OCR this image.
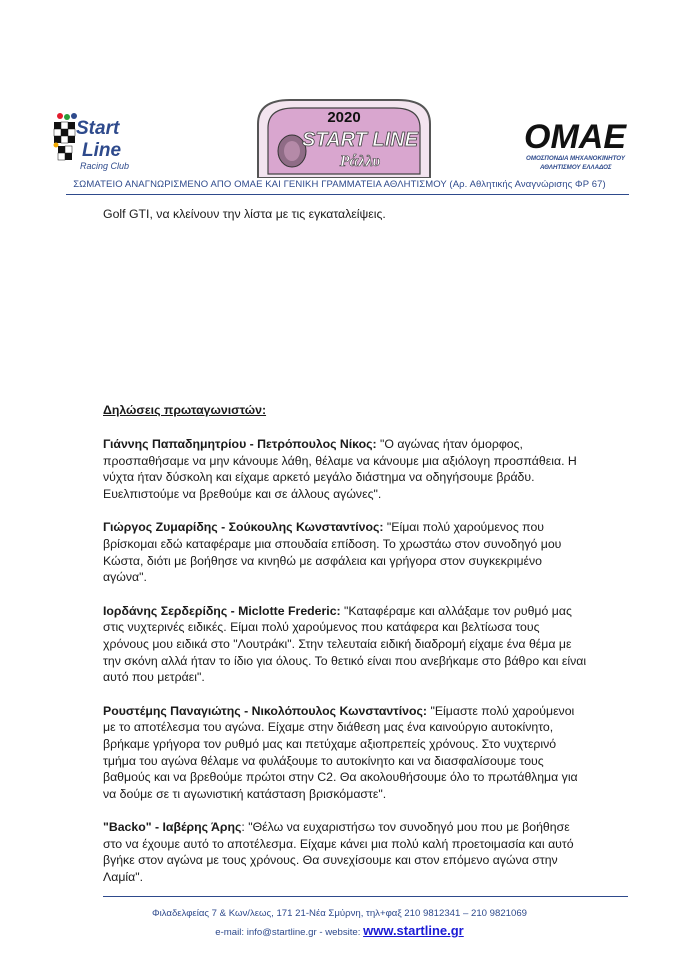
Start
Line
Racing Club
2020
START LINE
Ράλλυ
ΟΜΑΕ
ΟΜΟΣΠΟΝΔΙΑ ΜΗΧΑΝΟΚΙΝΗΤΟΥ
ΑΘΛΗΤΙΣΜΟΥ ΕΛΛΑΔΟΣ
ΣΩΜΑΤΕΙΟ ΑΝΑΓΝΩΡΙΣΜΕΝΟ ΑΠΟ ΟΜΑΕ ΚΑΙ ΓΕΝΙΚΗ ΓΡΑΜΜΑΤΕΙΑ ΑΘΛΗΤΙΣΜΟΥ (Αρ. Αθλητικής Αναγνώρισης ΦΡ 67)

Golf GTI, να κλείνουν την λίστα με τις εγκαταλείψεις.

Δηλώσεις πρωταγωνιστών:

Γιάννης Παπαδημητρίου - Πετρόπουλος Νίκος: "Ο αγώνας ήταν όμορφος, προσπαθήσαμε να μην κάνουμε λάθη, θέλαμε να κάνουμε μια αξιόλογη προσπάθεια. Η νύχτα ήταν δύσκολη και είχαμε αρκετό μεγάλο διάστημα να οδηγήσουμε βράδυ. Ευελπιστούμε να βρεθούμε και σε άλλους αγώνες".

Γιώργος Ζυμαρίδης - Σούκουλης Κωνσταντίνος: "Είμαι πολύ χαρούμενος που βρίσκομαι εδώ καταφέραμε μια σπουδαία επίδοση. Το χρωστάω στον συνοδηγό μου Κώστα, διότι με βοήθησε να κινηθώ με ασφάλεια και γρήγορα στον συγκεκριμένο αγώνα".

Ιορδάνης Σερδερίδης - Miclotte Frederic: "Καταφέραμε και αλλάξαμε τον ρυθμό μας στις νυχτερινές ειδικές. Είμαι πολύ χαρούμενος που κατάφερα και βελτίωσα τους χρόνους μου ειδικά στο "Λουτράκι". Στην τελευταία ειδική διαδρομή είχαμε ένα θέμα με την σκόνη αλλά ήταν το ίδιο για όλους. Το θετικό είναι που ανεβήκαμε στο βάθρο και είναι αυτό που μετράει".

Ρουστέμης Παναγιώτης - Νικολόπουλος Κωνσταντίνος: "Είμαστε πολύ χαρούμενοι με το αποτέλεσμα του αγώνα. Είχαμε στην διάθεση μας ένα καινούργιο αυτοκίνητο, βρήκαμε γρήγορα τον ρυθμό μας και πετύχαμε αξιοπρεπείς χρόνους. Στο νυχτερινό τμήμα του αγώνα θέλαμε να φυλάξουμε το αυτοκίνητο και να διασφαλίσουμε τους βαθμούς και να βρεθούμε πρώτοι στην C2. Θα ακολουθήσουμε όλο το πρωτάθλημα για να δούμε σε τι αγωνιστική κατάσταση βρισκόμαστε".

"Backo" - Ιαβέρης Άρης: "Θέλω να ευχαριστήσω τον συνοδηγό μου που με βοήθησε στο να έχουμε αυτό το αποτέλεσμα. Είχαμε κάνει μια πολύ καλή προετοιμασία και αυτό βγήκε στον αγώνα με τους χρόνους. Θα συνεχίσουμε και στον επόμενο αγώνα στην Λαμία".

Φιλαδελφείας 7 & Κων/λεως, 171 21-Νέα Σμύρνη, τηλ+φαξ 210 9812341 – 210 9821069
e-mail: info@startline.gr - website: www.startline.gr
